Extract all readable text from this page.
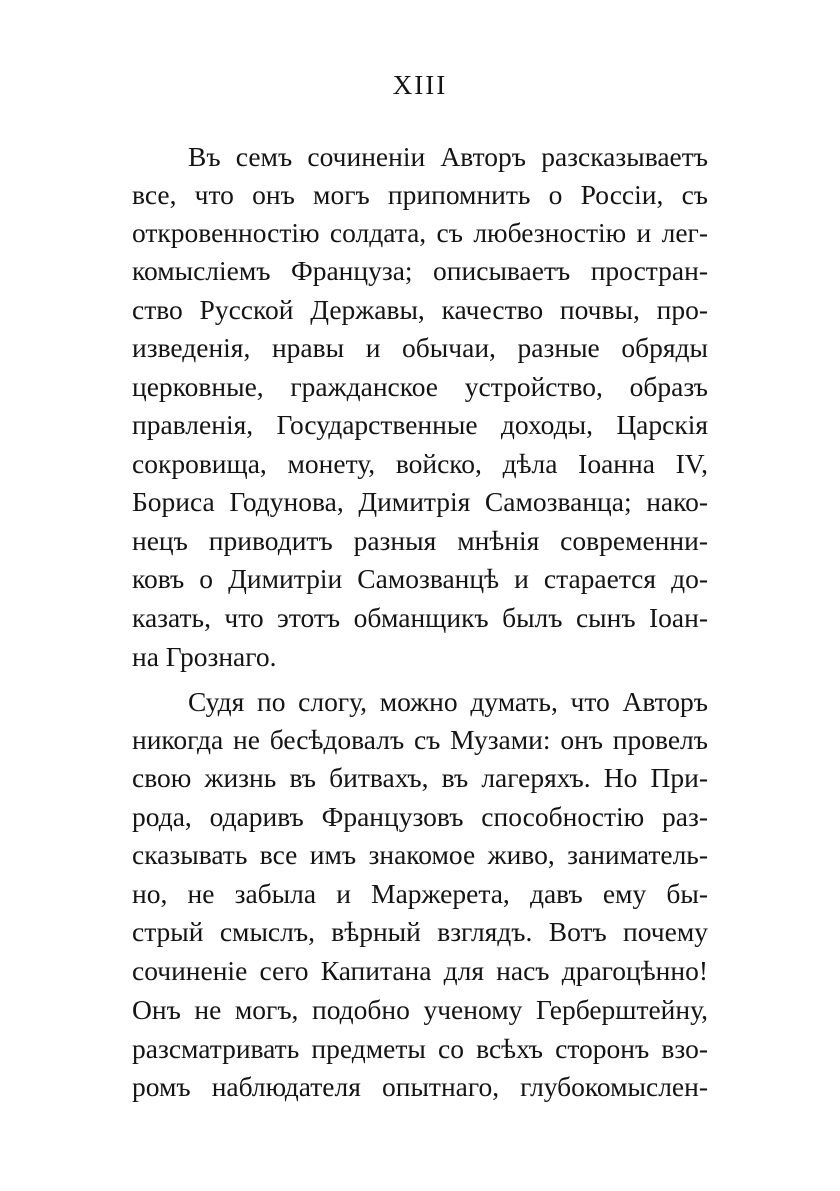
XIII
Въ семъ сочиненіи Авторъ разсказываетъ
все, что онъ могъ припомнить о Россіи, съ
откровенностію солдата, съ любезностію и лег-
комысліемъ Француза; описываетъ простран-
ство Русской Державы, качество почвы, про-
изведенія, нравы и обычаи, разные обряды
церковные, гражданское устройство, образъ
правленія, Государственные доходы, Царскія
сокровища, монету, войско, дѣла Іоанна IV,
Бориса Годунова, Димитрія Самозванца; нако-
нецъ приводитъ разныя мнѣнія современни-
ковъ о Димитріи Самозванцѣ и старается до-
казать, что этотъ обманщикъ былъ сынъ Іоан-
на Грознаго.
Судя по слогу, можно думать, что Авторъ
никогда не бесѣдовалъ съ Музами: онъ провелъ
свою жизнь въ битвахъ, въ лагеряхъ. Но При-
рода, одаривъ Французовъ способностію раз-
сказывать все имъ знакомое живо, заниматель-
но, не забыла и Маржерета, давъ ему бы-
стрый смыслъ, вѣрный взглядъ. Вотъ почему
сочиненіе сего Капитана для насъ драгоцѣнно!
Онъ не могъ, подобно ученому Герберштейну,
разсматривать предметы со всѣхъ сторонъ взо-
ромъ наблюдателя опытнаго, глубокомыслен-
